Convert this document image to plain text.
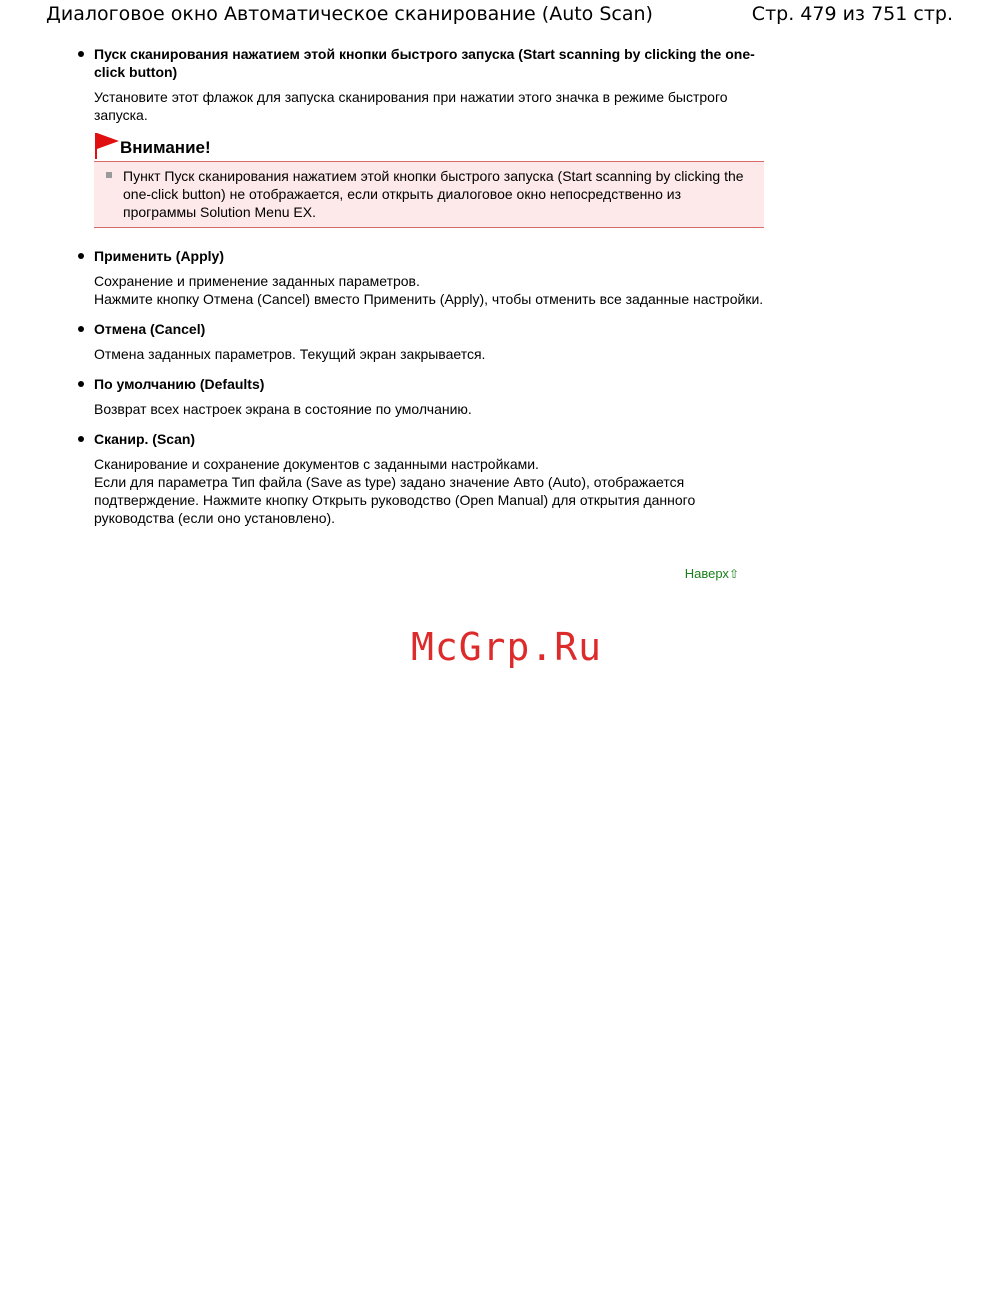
Диалоговое окно Автоматическое сканирование (Auto Scan)	Стр. 479 из 751 стр.

Пуск сканирования нажатием этой кнопки быстрого запуска (Start scanning by clicking the one-click button)

Установите этот флажок для запуска сканирования при нажатии этого значка в режиме быстрого запуска.

Внимание!
Пункт Пуск сканирования нажатием этой кнопки быстрого запуска (Start scanning by clicking the one-click button) не отображается, если открыть диалоговое окно непосредственно из программы Solution Menu EX.

Применить (Apply)

Сохранение и применение заданных параметров.

Нажмите кнопку Отмена (Cancel) вместо Применить (Apply), чтобы отменить все заданные настройки.

Отмена (Cancel)

Отмена заданных параметров. Текущий экран закрывается.

По умолчанию (Defaults)

Возврат всех настроек экрана в состояние по умолчанию.

Сканир. (Scan)

Сканирование и сохранение документов с заданными настройками.

Если для параметра Тип файла (Save as type) задано значение Авто (Auto), отображается подтверждение. Нажмите кнопку Открыть руководство (Open Manual) для открытия данного руководства (если оно установлено).

Наверх⇧
McGrp.Ru
